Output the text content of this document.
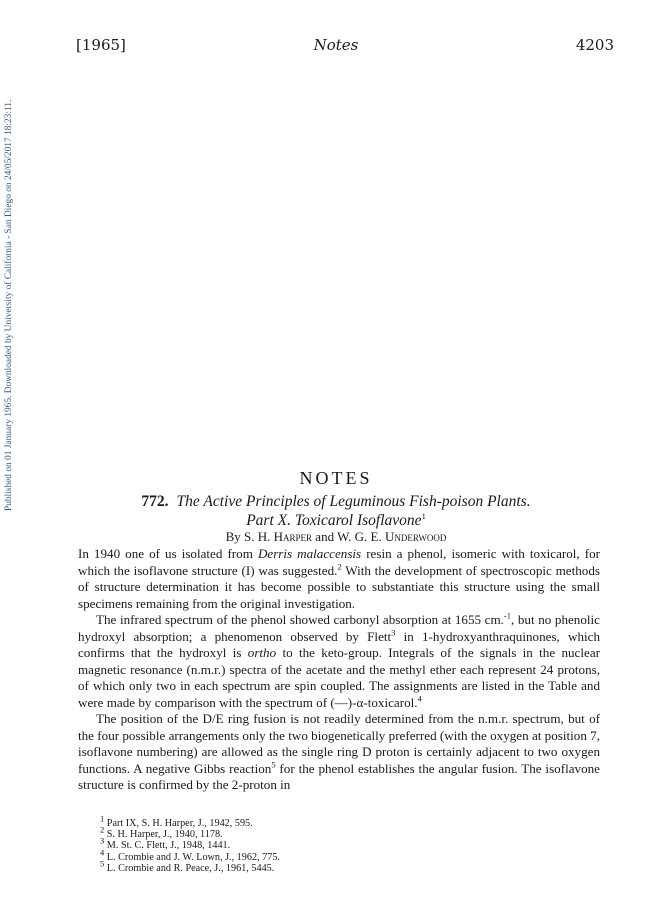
[1965]	Notes	4203
Published on 01 January 1965. Downloaded by University of California - San Diego on 24/05/2017 18:23:11.	NOTES
772. The Active Principles of Leguminous Fish-poison Plants.
Part X. Toxicarol Isoflavone$^1$
By S. H. Harper and W. G. E. Underwood

In 1940 one of us isolated from Derris malaccensis resin a phenol, isomeric with toxicarol, for which the isoflavone structure (I) was suggested.$^2$ With the development of spectroscopic methods of structure determination it has become possible to substantiate this structure using the small specimens remaining from the original investigation.

The infrared spectrum of the phenol showed carbonyl absorption at 1655 cm.$^{-1}$, but no phenolic hydroxyl absorption; a phenomenon observed by Flett$^3$ in 1-hydroxyanthraquinones, which confirms that the hydroxyl is ortho to the keto-group. Integrals of the signals in the nuclear magnetic resonance (n.m.r.) spectra of the acetate and the methyl ether each represent 24 protons, of which only two in each spectrum are spin coupled. The assignments are listed in the Table and were made by comparison with the spectrum of (—)-α-toxicarol.$^4$

The position of the D/E ring fusion is not readily determined from the n.m.r. spectrum, but of the four possible arrangements only the two biogenetically preferred (with the oxygen at position 7, isoflavone numbering) are allowed as the single ring D proton is certainly adjacent to two oxygen functions. A negative Gibbs reaction$^5$ for the phenol establishes the angular fusion. The isoflavone structure is confirmed by the 2-proton in

$^1$ Part IX, S. H. Harper, J., 1942, 595.
$^2$ S. H. Harper, J., 1940, 1178.
$^3$ M. St. C. Flett, J., 1948, 1441.
$^4$ L. Crombie and J. W. Lown, J., 1962, 775.
$^5$ L. Crombie and R. Peace, J., 1961, 5445.
